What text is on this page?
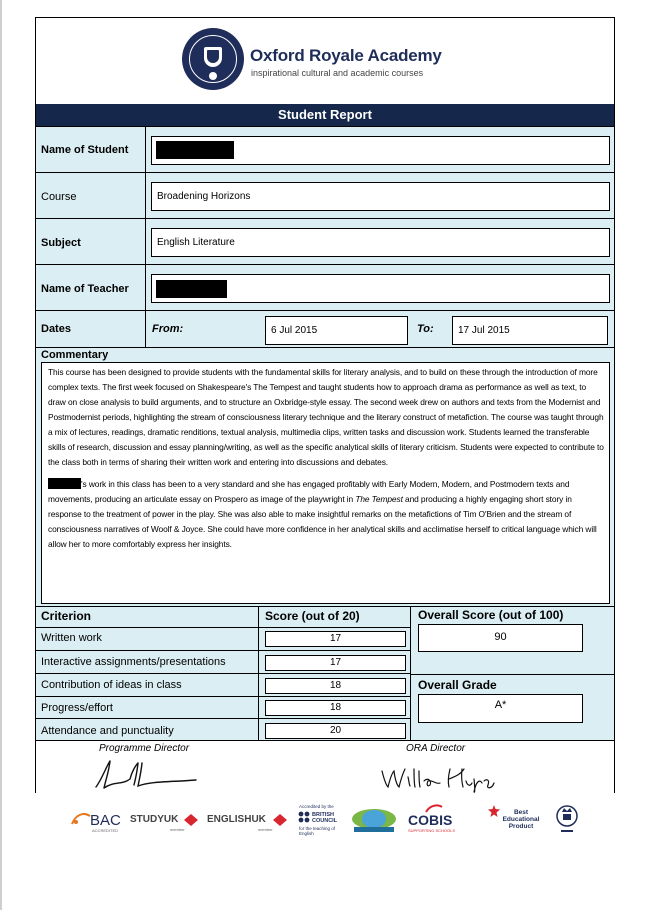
Oxford Royale Academy
inspirational cultural and academic courses
Student Report
Name of Student
Course	Broadening Horizons
Subject	English Literature
Name of Teacher
Dates	From:	6 Jul 2015	To:	17 Jul 2015
Commentary

This course has been designed to provide students with the fundamental skills for literary analysis, and to build on these through the introduction of more complex texts. The first week focused on Shakespeare's The Tempest and taught students how to approach drama as performance as well as text, to draw on close analysis to build arguments, and to structure an Oxbridge-style essay. The second week drew on authors and texts from the Modernist and Postmodernist periods, highlighting the stream of consciousness literary technique and the literary construct of metafiction. The course was taught through a mix of lectures, readings, dramatic renditions, textual analysis, multimedia clips, written tasks and discussion work. Students learned the transferable skills of research, discussion and essay planning/writing, as well as the specific analytical skills of literary criticism. Students were expected to contribute to the class both in terms of sharing their written work and entering into discussions and debates.

's work in this class has been to a very standard and she has engaged profitably with Early Modern, Modern, and Postmodern texts and movements, producing an articulate essay on Prospero as image of the playwright in The Tempest and producing a highly engaging short story in response to the treatment of power in the play. She was also able to make insightful remarks on the metafictions of Tim O'Brien and the stream of consciousness narratives of Woolf & Joyce. She could have more confidence in her analytical skills and acclimatise herself to critical language which will allow her to more comfortably express her insights.

Criterion	Score (out of 20)
Written work	17
Interactive assignments/presentations	17
Contribution of ideas in class	18
Progress/effort	18
Attendance and punctuality	20
Overall Score (out of 100)
90
Overall Grade
A*
Programme Director	ORA Director
BAC
ACCREDITED
STUDYUK
member
ENGLISHUK
member
Accredited by the
BRITISH COUNCIL
for the teaching of English
COBIS
SUPPORTING SCHOOLS
Best Educational Product
